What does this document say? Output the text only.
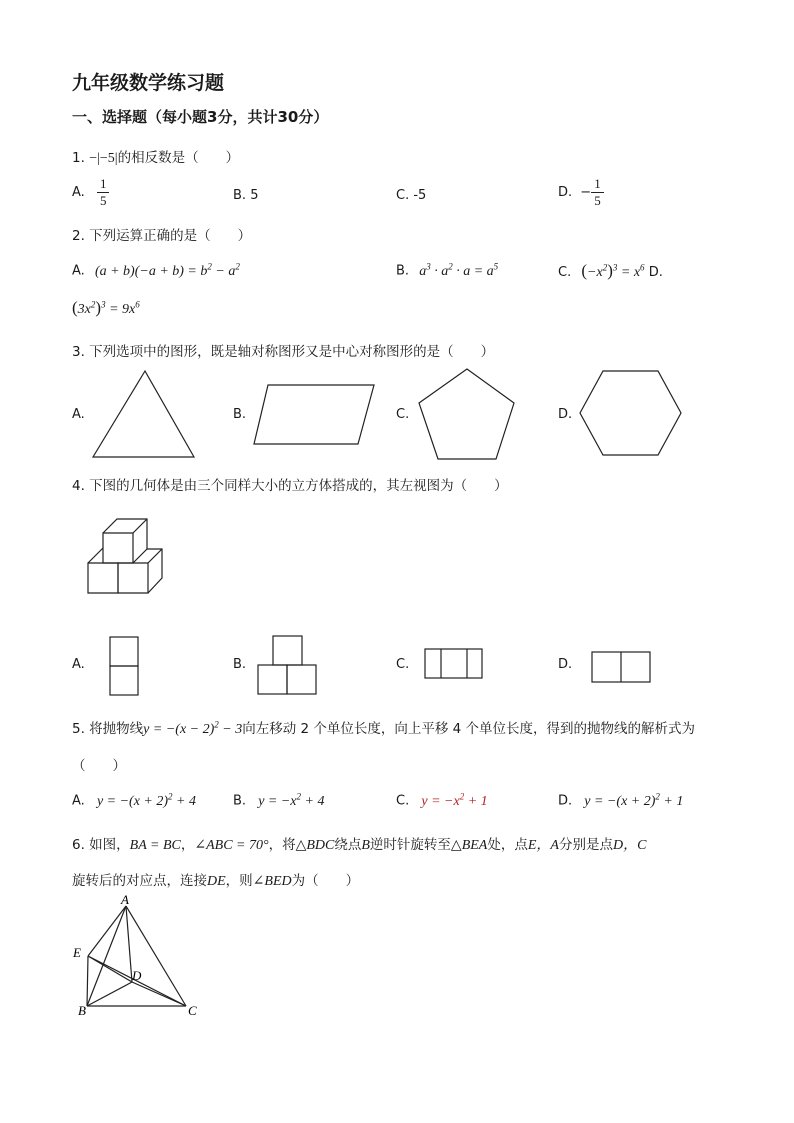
九年级数学练习题
一、选择题（每小题3分，共计30分）
1. −|−5|的相反数是（　　）
A. $\frac{1}{5}$	B. 5	C. -5	D. − $\frac{1}{5}$
2. 下列运算正确的是（　　）
A. $(a + b)(-a + b) = b^2 - a^2$	B. $a^3 \cdot a^2 \cdot a = a^5$	C. $(-x^2)^3 = x^6$ D.
$(3x^2)^3 = 9x^6$
3. 下列选项中的图形，既是轴对称图形又是中心对称图形的是（　　）
A.	B.	C.	D.
A
E
D
B	C
4. 下图的几何体是由三个同样大小的立方体搭成的，其左视图为（　　）
A.	B.	C.	D.
5. 将抛物线$y = -(x - 2)^2 - 3$向左移动 2 个单位长度，向上平移 4 个单位长度，得到的抛物线的解析式为
（　　）
A. $y = -(x + 2)^2 + 4$	B. $y = -x^2 + 4$	C. $y = -x^2 + 1$	D. $y = -(x + 2)^2 + 1$
6. 如图，BA = BC，∠ABC = 70°，将△BDC绕点B逆时针旋转至△BEA处，点E，A分别是点D，C
旋转后的对应点，连接DE，则∠BED为（　　）
